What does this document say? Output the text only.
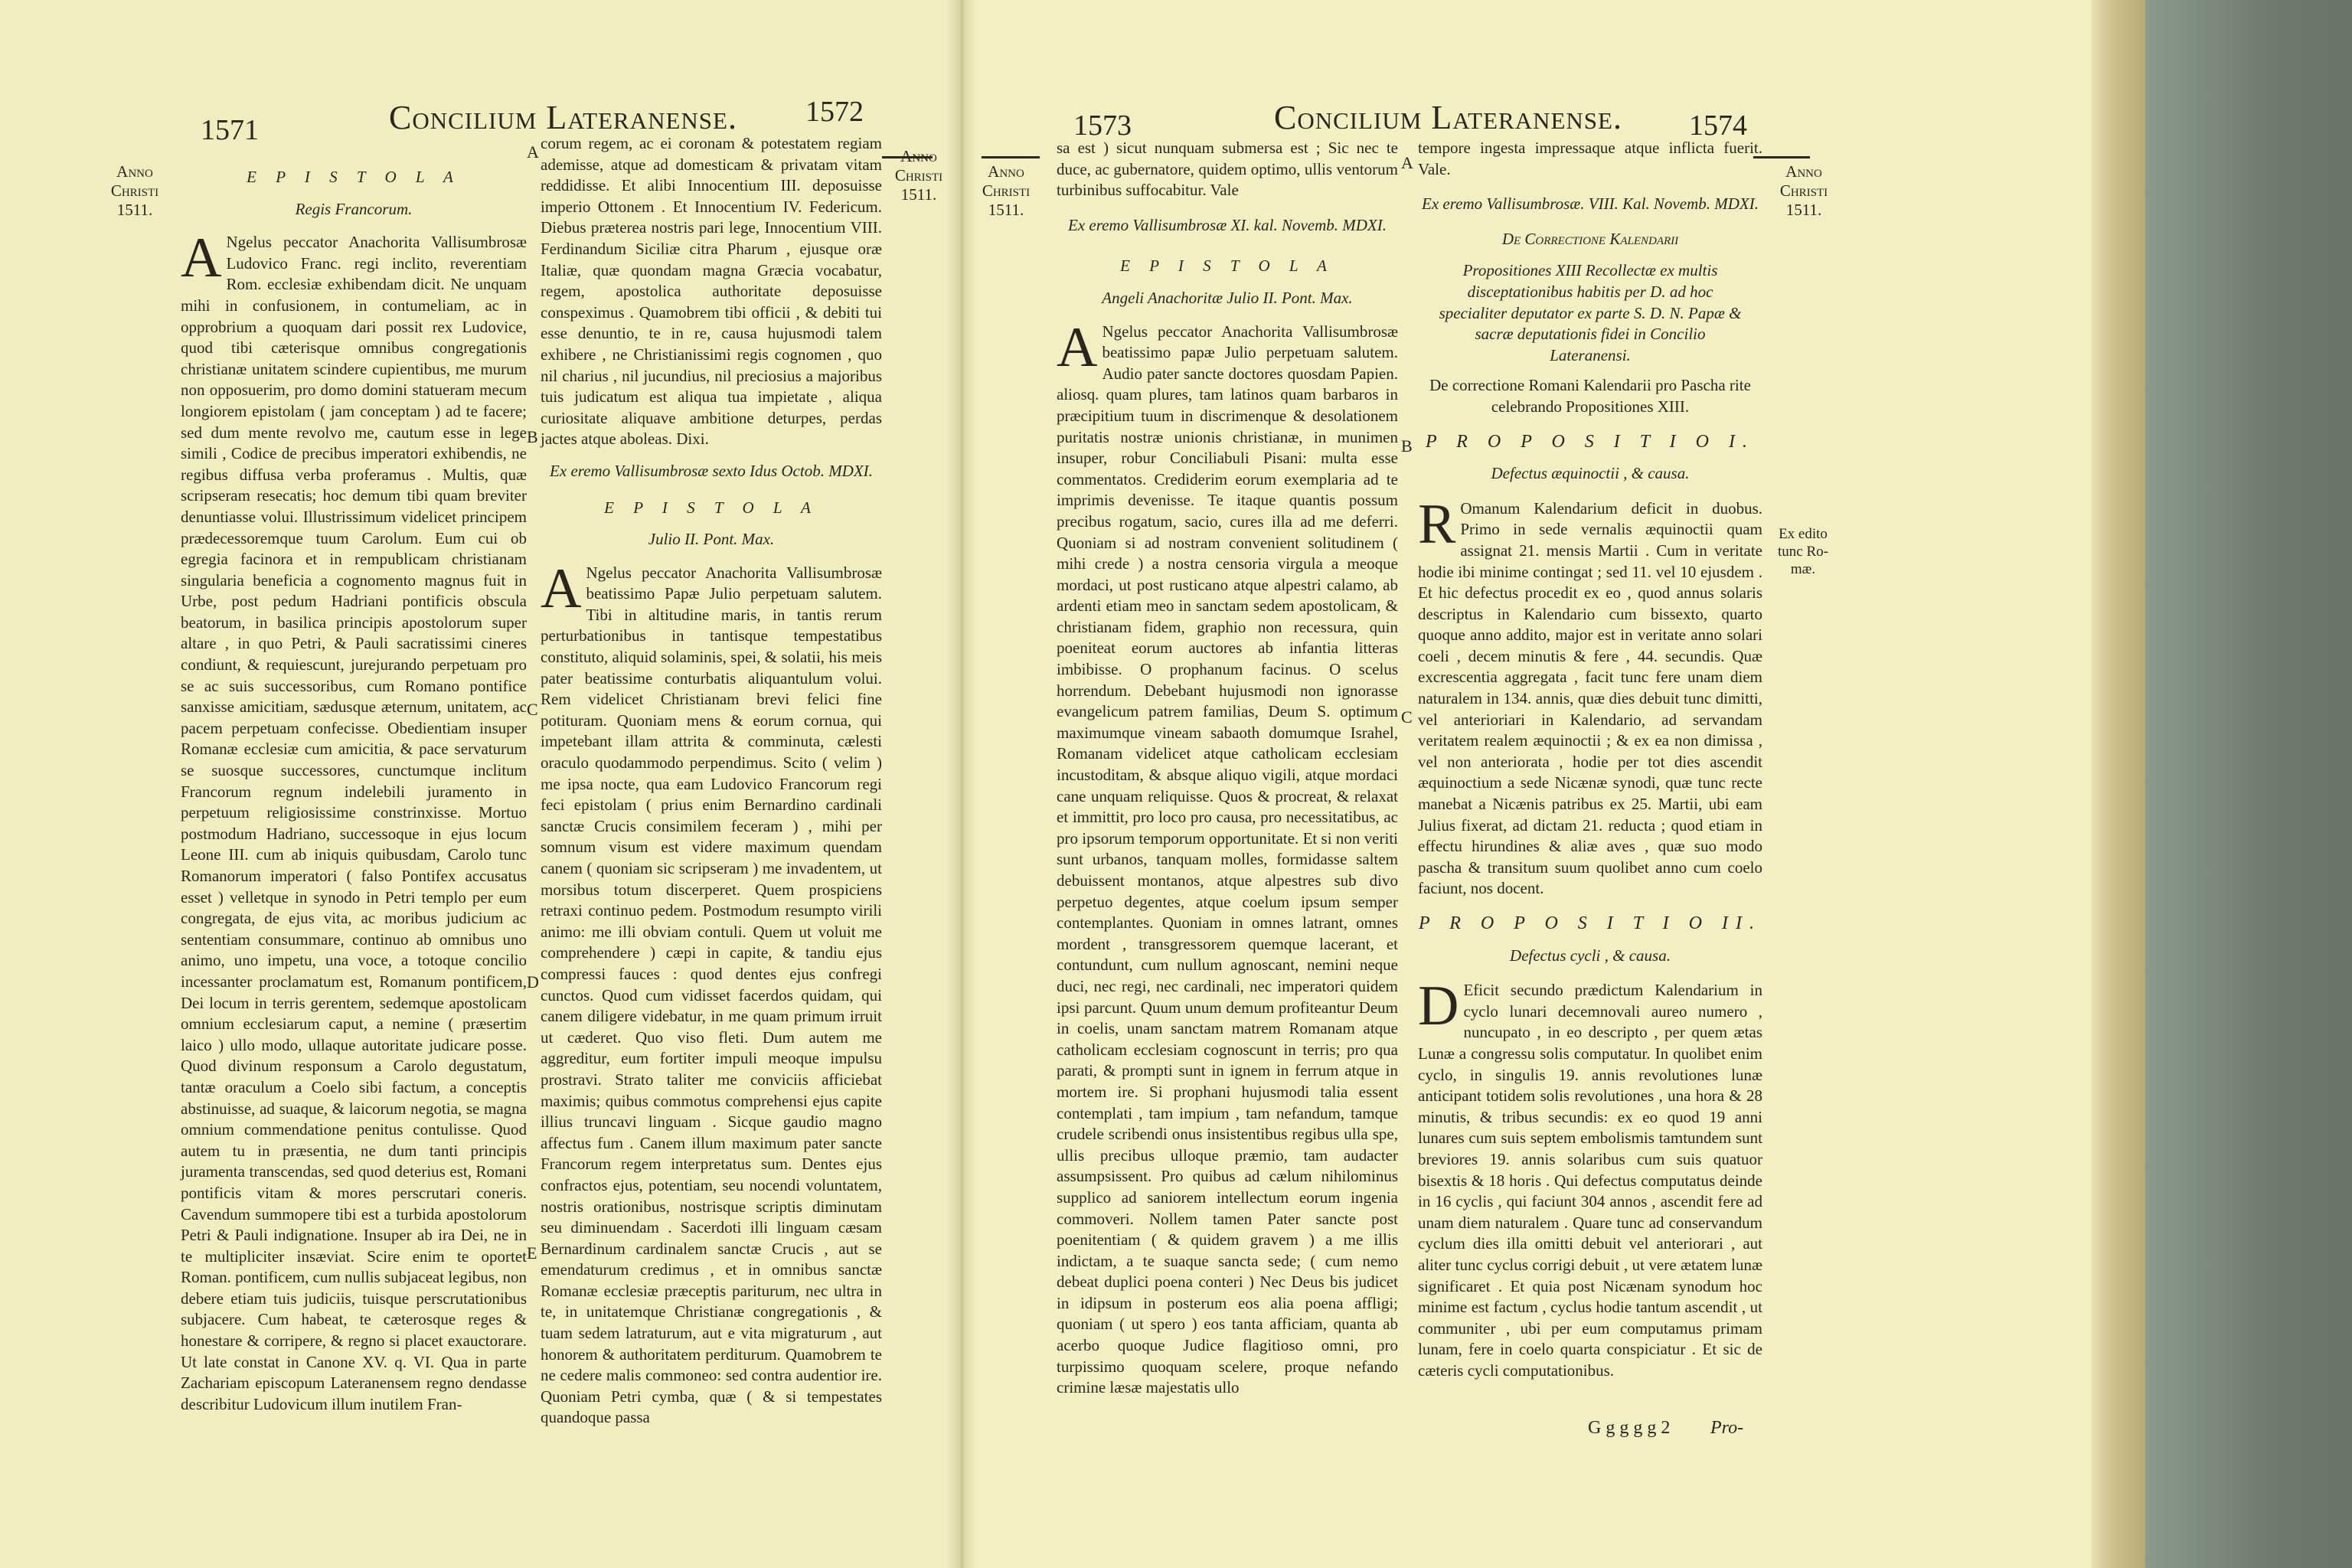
1571	Concilium Lateranense. 1572
Anno
Christi
1511.
Anno
Christi
1511.

E P I S T O L A

Regis Francorum.

A Ngelus peccator Anachorita Vallisumbrosæ Ludovico Franc. regi inclito, reverentiam Rom. ecclesiæ exhibendam dicit. Ne unquam mihi in confusionem, in contumeliam, ac in opprobrium a quoquam dari possit rex Ludovice, quod tibi cæterisque omnibus congregationis christianæ unitatem scindere cupientibus, me murum non opposuerim, pro domo domini statueram mecum longiorem epistolam ( jam conceptam ) ad te facere; sed dum mente revolvo me, cautum esse in lege simili , Codice de precibus imperatori exhibendis, ne regibus diffusa verba proferamus . Multis, quæ scripseram resecatis; hoc demum tibi quam breviter denuntiasse volui. Illustrissimum videlicet principem prædecessoremque tuum Carolum. Eum cui ob egregia facinora et in rempublicam christianam singularia beneficia a cognomento magnus fuit in Urbe, post pedum Hadriani pontificis obscula beatorum, in basilica principis apostolorum super altare , in quo Petri, & Pauli sacratissimi cineres condiunt, & requiescunt, jurejurando perpetuam pro se ac suis successoribus, cum Romano pontifice sanxisse amicitiam, sædusque æternum, unitatem, ac pacem perpetuam confecisse. Obedientiam insuper Romanæ ecclesiæ cum amicitia, & pace servaturum se suosque successores, cunctumque inclitum Francorum regnum indelebili juramento in perpetuum religiosissime constrinxisse. Mortuo postmodum Hadriano, successoque in ejus locum Leone III. cum ab iniquis quibusdam, Carolo tunc Romanorum imperatori ( falso Pontifex accusatus esset ) velletque in synodo in Petri templo per eum congregata, de ejus vita, ac moribus judicium ac sententiam consummare, continuo ab omnibus uno animo, uno impetu, una voce, a totoque concilio incessanter proclamatum est, Romanum pontificem, Dei locum in terris gerentem, sedemque apostolicam omnium ecclesiarum caput, a nemine ( præsertim laico ) ullo modo, ullaque autoritate judicare posse. Quod divinum responsum a Carolo degustatum, tantæ oraculum a Coelo sibi factum, a conceptis abstinuisse, ad suaque, & laicorum negotia, se magna omnium commendatione penitus contulisse. Quod autem tu in præsentia, ne dum tanti principis juramenta transcendas, sed quod deterius est, Romani pontificis vitam & mores perscrutari coneris. Cavendum summopere tibi est a turbida apostolorum Petri & Pauli indignatione. Insuper ab ira Dei, ne in te multipliciter insæviat. Scire enim te oportet Roman. pontificem, cum nullis subjaceat legibus, non debere etiam tuis judiciis, tuisque perscrutationibus subjacere. Cum habeat, te cæterosque reges & honestare & corripere, & regno si placet exauctorare. Ut late constat in Canone XV. q. VI. Qua in parte Zachariam episcopum Lateranensem regno dendasse describitur Ludovicum illum inutilem Fran-

corum regem, ac ei coronam & potestatem regiam ademisse, atque ad domesticam & privatam vitam reddidisse. Et alibi Innocentium III. deposuisse imperio Ottonem . Et Innocentium IV. Federicum. Diebus præterea nostris pari lege, Innocentium VIII. Ferdinandum Siciliæ citra Pharum , ejusque oræ Italiæ, quæ quondam magna Græcia vocabatur, regem, apostolica authoritate deposuisse conspeximus . Quamobrem tibi officii , & debiti tui esse denuntio, te in re, causa hujusmodi talem exhibere , ne Christianissimi regis cognomen , quo nil charius , nil jucundius, nil preciosius a majoribus tuis judicatum est aliqua tua impietate , aliqua curiositate aliquave ambitione deturpes, perdas jactes atque aboleas. Dixi.

Ex eremo Vallisumbrosæ sexto Idus Octob. MDXI.

E P I S T O L A

Julio II. Pont. Max.

A Ngelus peccator Anachorita Vallisumbrosæ beatissimo Papæ Julio perpetuam salutem. Tibi in altitudine maris, in tantis rerum perturbationibus in tantisque tempestatibus constituto, aliquid solaminis, spei, & solatii, his meis pater beatissime conturbatis aliquantulum volui. Rem videlicet Christianam brevi felici fine potituram. Quoniam mens & eorum cornua, qui impetebant illam attrita & comminuta, cælesti oraculo quodammodo perpendimus. Scito ( velim ) me ipsa nocte, qua eam Ludovico Francorum regi feci epistolam ( prius enim Bernardino cardinali sanctæ Crucis consimilem feceram ) , mihi per somnum visum est videre maximum quendam canem ( quoniam sic scripseram ) me invadentem, ut morsibus totum discerperet. Quem prospiciens retraxi continuo pedem. Postmodum resumpto virili animo: me illi obviam contuli. Quem ut voluit me comprehendere ) cæpi in capite, & tandiu ejus compressi fauces : quod dentes ejus confregi cunctos. Quod cum vidisset facerdos quidam, qui canem diligere videbatur, in me quam primum irruit ut cæderet. Quo viso fleti. Dum autem me aggreditur, eum fortiter impuli meoque impulsu prostravi. Strato taliter me conviciis afficiebat maximis; quibus commotus comprehensi ejus capite illius truncavi linguam . Sicque gaudio magno affectus fum . Canem illum maximum pater sancte Francorum regem interpretatus sum. Dentes ejus confractos ejus, potentiam, seu nocendi voluntatem, nostris orationibus, nostrisque scriptis diminutam seu diminuendam . Sacerdoti illi linguam cæsam Bernardinum cardinalem sanctæ Crucis , aut se emendaturum credimus , et in omnibus sanctæ Romanæ ecclesiæ præceptis pariturum, nec ultra in te, in unitatemque Christianæ congregationis , & tuam sedem latraturum, aut e vita migraturum , aut honorem & authoritatem perditurum. Quamobrem te ne cedere malis commoneo: sed contra audentior ire. Quoniam Petri cymba, quæ ( & si tempestates quandoque passa

A
B
C
D
E
1573	Concilium Lateranense. 1574
Anno
Christi
1511.
Anno
Christi
1511.
Ex edito
tunc Ro-
mæ.

sa est ) sicut nunquam submersa est ; Sic nec te duce, ac gubernatore, quidem optimo, ullis ventorum turbinibus suffocabitur. Vale

Ex eremo Vallisumbrosæ XI. kal. Novemb. MDXI.

E P I S T O L A

Angeli Anachoritæ Julio II. Pont. Max.

A Ngelus peccator Anachorita Vallisumbrosæ beatissimo papæ Julio perpetuam salutem. Audio pater sancte doctores quosdam Papien. aliosq. quam plures, tam latinos quam barbaros in præcipitium tuum in discrimenque & desolationem puritatis nostræ unionis christianæ, in munimen insuper, robur Conciliabuli Pisani: multa esse commentatos. Crediderim eorum exemplaria ad te imprimis devenisse. Te itaque quantis possum precibus rogatum, sacio, cures illa ad me deferri. Quoniam si ad nostram convenient solitudinem ( mihi crede ) a nostra censoria virgula a meoque mordaci, ut post rusticano atque alpestri calamo, ab ardenti etiam meo in sanctam sedem apostolicam, & christianam fidem, graphio non recessura, quin poeniteat eorum auctores ab infantia litteras imbibisse. O prophanum facinus. O scelus horrendum. Debebant hujusmodi non ignorasse evangelicum patrem familias, Deum S. optimum maximumque vineam sabaoth domumque Israhel, Romanam videlicet atque catholicam ecclesiam incustoditam, & absque aliquo vigili, atque mordaci cane unquam reliquisse. Quos & procreat, & relaxat et immittit, pro loco pro causa, pro necessitatibus, ac pro ipsorum temporum opportunitate. Et si non veriti sunt urbanos, tanquam molles, formidasse saltem debuissent montanos, atque alpestres sub divo perpetuo degentes, atque coelum ipsum semper contemplantes. Quoniam in omnes latrant, omnes mordent , transgressorem quemque lacerant, et contundunt, cum nullum agnoscant, nemini neque duci, nec regi, nec cardinali, nec imperatori quidem ipsi parcunt. Quum unum demum profiteantur Deum in coelis, unam sanctam matrem Romanam atque catholicam ecclesiam cognoscunt in terris; pro qua parati, & prompti sunt in ignem in ferrum atque in mortem ire. Si prophani hujusmodi talia essent contemplati , tam impium , tam nefandum, tamque crudele scribendi onus insistentibus regibus ulla spe, ullis precibus ulloque præmio, tam audacter assumpsissent. Pro quibus ad cælum nihilominus supplico ad saniorem intellectum eorum ingenia commoveri. Nollem tamen Pater sancte post poenitentiam ( & quidem gravem ) a me illis indictam, a te suaque sancta sede; ( cum nemo debeat duplici poena conteri ) Nec Deus bis judicet in idipsum in posterum eos alia poena affligi; quoniam ( ut spero ) eos tanta afficiam, quanta ab acerbo quoque Judice flagitioso omni, pro turpissimo quoquam scelere, proque nefando crimine læsæ majestatis ullo

tempore ingesta impressaque atque inflicta fuerit. Vale.

Ex eremo Vallisumbrosæ. VIII. Kal. Novemb. MDXI.

De Correctione Kalendarii

Propositiones XIII Recollectæ ex multis disceptationibus habitis per D. ad hoc specialiter deputator ex parte S. D. N. Papæ & sacræ deputationis fidei in Concilio Lateranensi.

De correctione Romani Kalendarii pro Pascha rite celebrando Propositiones XIII.

P R O P O S I T I O I.

Defectus æquinoctii , & causa.

R Omanum Kalendarium deficit in duobus. Primo in sede vernalis æquinoctii quam assignat 21. mensis Martii . Cum in veritate hodie ibi minime contingat ; sed 11. vel 10 ejusdem . Et hic defectus procedit ex eo , quod annus solaris descriptus in Kalendario cum bissexto, quarto quoque anno addito, major est in veritate anno solari coeli , decem minutis & fere , 44. secundis. Quæ excrescentia aggregata , facit tunc fere unam diem naturalem in 134. annis, quæ dies debuit tunc dimitti, vel anterioriari in Kalendario, ad servandam veritatem realem æquinoctii ; & ex ea non dimissa , vel non anteriorata , hodie per tot dies ascendit æquinoctium a sede Nicænæ synodi, quæ tunc recte manebat a Nicænis patribus ex 25. Martii, ubi eam Julius fixerat, ad dictam 21. reducta ; quod etiam in effectu hirundines & aliæ aves , quæ suo modo pascha & transitum suum quolibet anno cum coelo faciunt, nos docent.

P R O P O S I T I O II.

Defectus cycli , & causa.

D Eficit secundo prædictum Kalendarium in cyclo lunari decemnovali aureo numero , nuncupato , in eo descripto , per quem ætas Lunæ a congressu solis computatur. In quolibet enim cyclo, in singulis 19. annis revolutiones lunæ anticipant totidem solis revolutiones , una hora & 28 minutis, & tribus secundis: ex eo quod 19 anni lunares cum suis septem embolismis tamtundem sunt breviores 19. annis solaribus cum suis quatuor bisextis & 18 horis . Qui defectus computatus deinde in 16 cyclis , qui faciunt 304 annos , ascendit fere ad unam diem naturalem . Quare tunc ad conservandum cyclum dies illa omitti debuit vel anteriorari , aut aliter tunc cyclus corrigi debuit , ut vere ætatem lunæ significaret . Et quia post Nicænam synodum hoc minime est factum , cyclus hodie tantum ascendit , ut communiter , ubi per eum computamus primam lunam, fere in coelo quarta conspiciatur . Et sic de cæteris cycli computationibus.

A
B
C
G g g g g 2 Pro-
